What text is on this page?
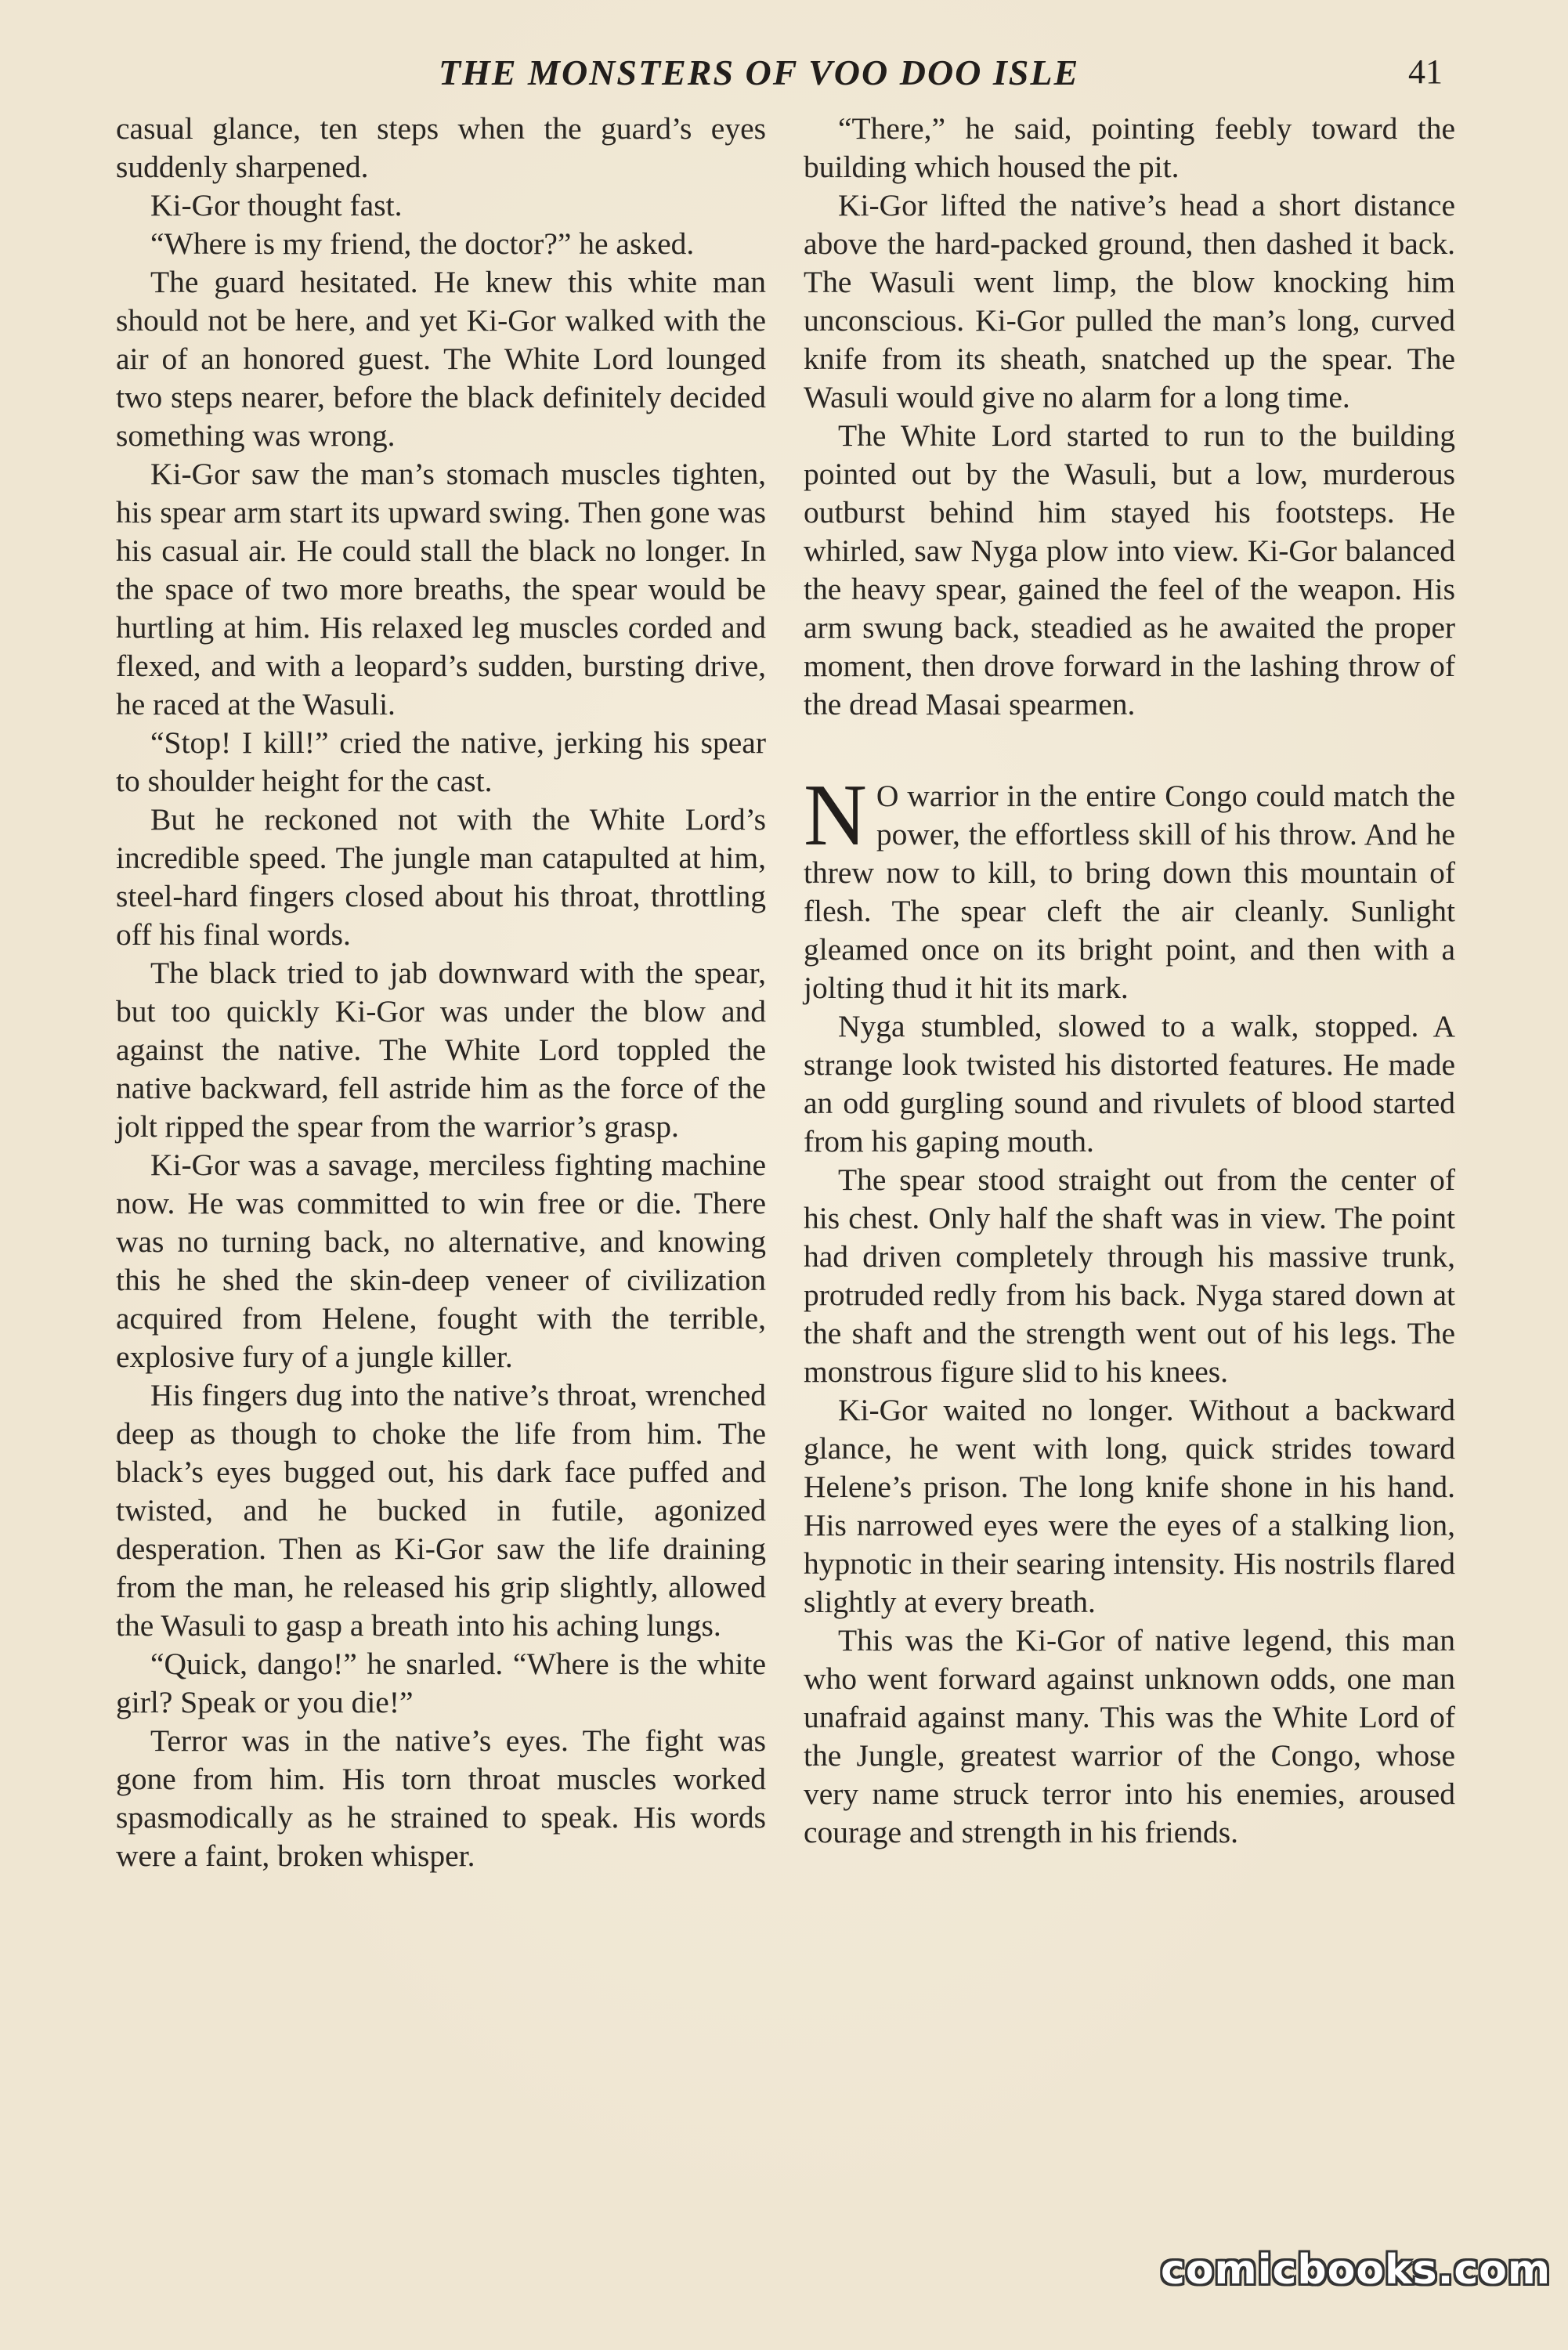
THE MONSTERS OF VOO DOO ISLE	41

casual glance, ten steps when the guard’s eyes suddenly sharpened.

Ki-Gor thought fast.

“Where is my friend, the doctor?” he asked.

The guard hesitated. He knew this white man should not be here, and yet Ki-Gor walked with the air of an honored guest. The White Lord lounged two steps nearer, before the black definitely decided something was wrong.

Ki-Gor saw the man’s stomach muscles tighten, his spear arm start its upward swing. Then gone was his casual air. He could stall the black no longer. In the space of two more breaths, the spear would be hurtling at him. His relaxed leg muscles corded and flexed, and with a leopard’s sudden, bursting drive, he raced at the Wasuli.

“Stop! I kill!” cried the native, jerking his spear to shoulder height for the cast.

But he reckoned not with the White Lord’s incredible speed. The jungle man catapulted at him, steel-hard fingers closed about his throat, throttling off his final words.

The black tried to jab downward with the spear, but too quickly Ki-Gor was under the blow and against the native. The White Lord toppled the native backward, fell astride him as the force of the jolt ripped the spear from the warrior’s grasp.

Ki-Gor was a savage, merciless fighting machine now. He was committed to win free or die. There was no turning back, no alternative, and knowing this he shed the skin-deep veneer of civilization acquired from Helene, fought with the terrible, explosive fury of a jungle killer.

His fingers dug into the native’s throat, wrenched deep as though to choke the life from him. The black’s eyes bugged out, his dark face puffed and twisted, and he bucked in futile, agonized desperation. Then as Ki-Gor saw the life draining from the man, he released his grip slightly, allowed the Wasuli to gasp a breath into his aching lungs.

“Quick, dango!” he snarled. “Where is the white girl? Speak or you die!”

Terror was in the native’s eyes. The fight was gone from him. His torn throat muscles worked spasmodically as he strained to speak. His words were a faint, broken whisper.

“There,” he said, pointing feebly toward the building which housed the pit.

Ki-Gor lifted the native’s head a short distance above the hard-packed ground, then dashed it back. The Wasuli went limp, the blow knocking him unconscious. Ki-Gor pulled the man’s long, curved knife from its sheath, snatched up the spear. The Wasuli would give no alarm for a long time.

The White Lord started to run to the building pointed out by the Wasuli, but a low, murderous outburst behind him stayed his footsteps. He whirled, saw Nyga plow into view. Ki-Gor balanced the heavy spear, gained the feel of the weapon. His arm swung back, steadied as he awaited the proper moment, then drove forward in the lashing throw of the dread Masai spearmen.

N O warrior in the entire Congo could match the power, the effortless skill of his throw. And he threw now to kill, to bring down this mountain of flesh. The spear cleft the air cleanly. Sunlight gleamed once on its bright point, and then with a jolting thud it hit its mark.

Nyga stumbled, slowed to a walk, stopped. A strange look twisted his distorted features. He made an odd gurgling sound and rivulets of blood started from his gaping mouth.

The spear stood straight out from the center of his chest. Only half the shaft was in view. The point had driven completely through his massive trunk, protruded redly from his back. Nyga stared down at the shaft and the strength went out of his legs. The monstrous figure slid to his knees.

Ki-Gor waited no longer. Without a backward glance, he went with long, quick strides toward Helene’s prison. The long knife shone in his hand. His narrowed eyes were the eyes of a stalking lion, hypnotic in their searing intensity. His nostrils flared slightly at every breath.

This was the Ki-Gor of native legend, this man who went forward against unknown odds, one man unafraid against many. This was the White Lord of the Jungle, greatest warrior of the Congo, whose very name struck terror into his enemies, aroused courage and strength in his friends.

comicbooks.com
